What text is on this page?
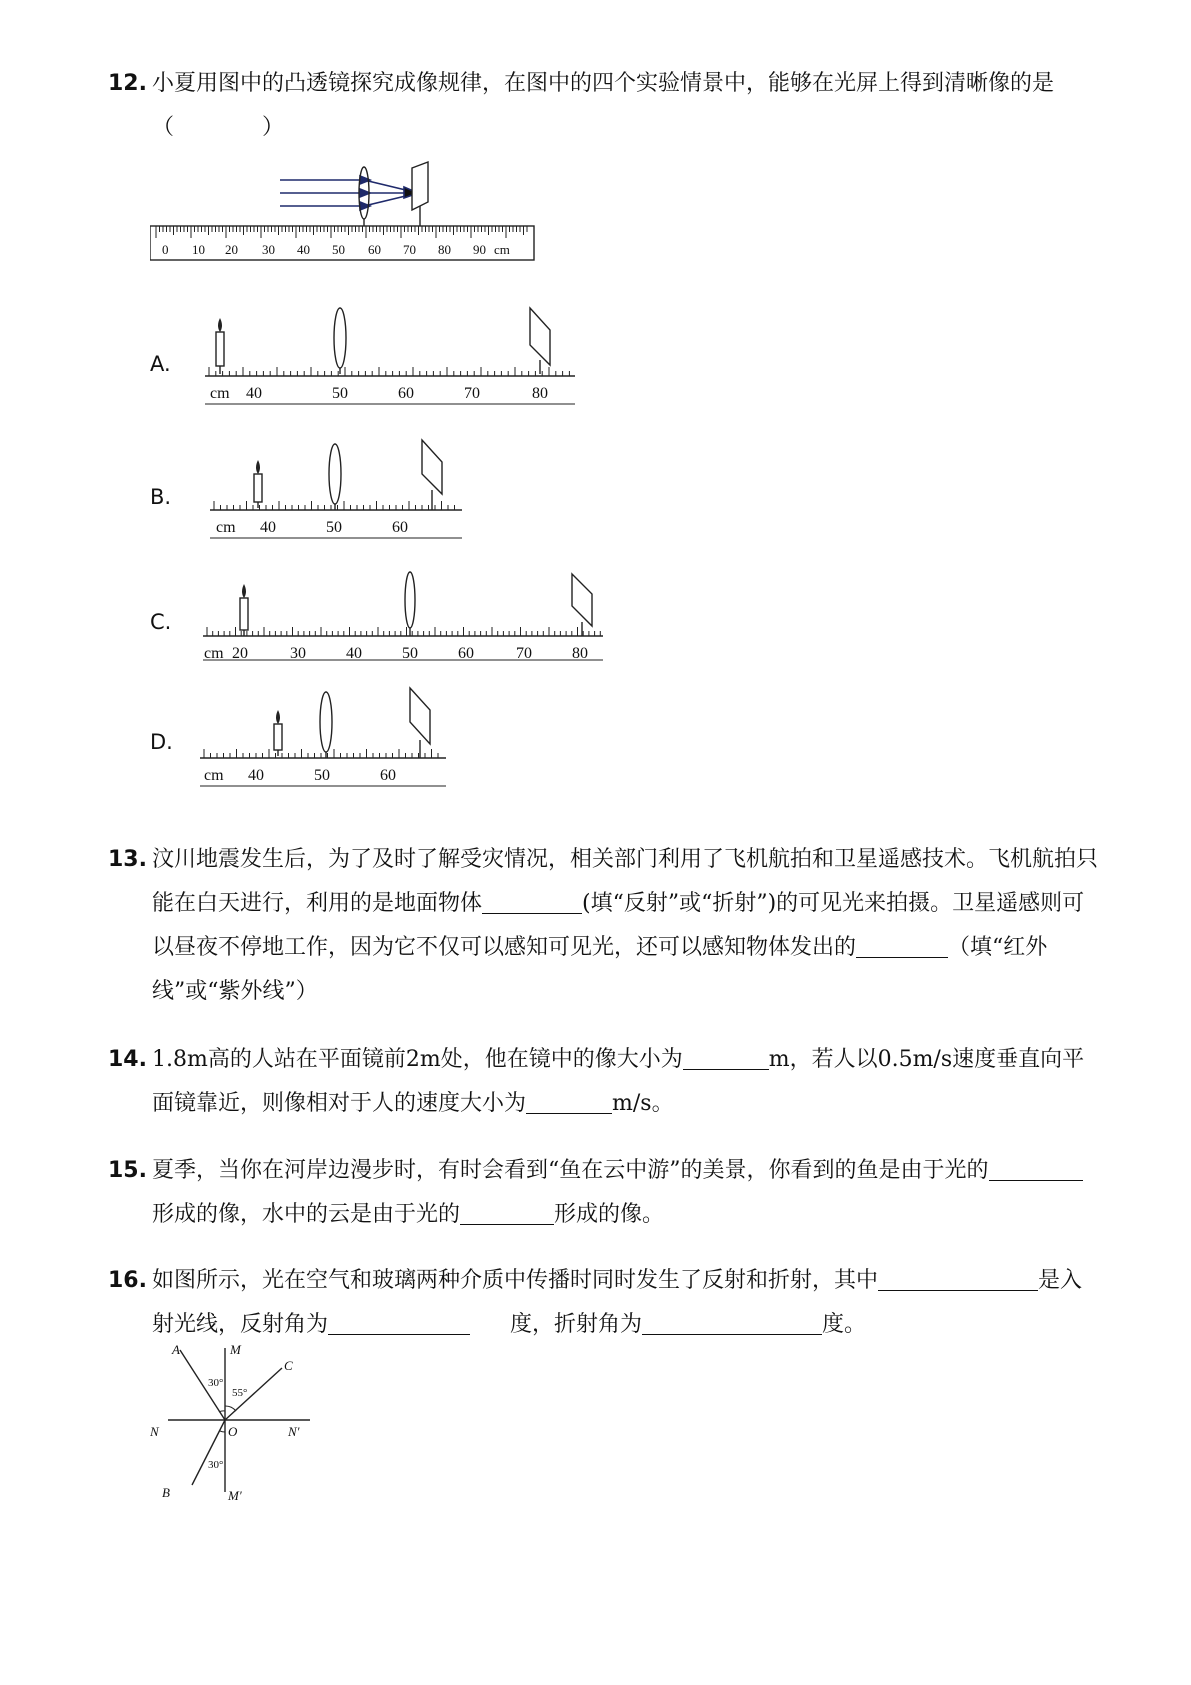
12. 小夏用图中的凸透镜探究成像规律，在图中的四个实验情景中，能够在光屏上得到清晰像的是（　　　　）
0 10 20 30 40 50 60 70 80 90 cm
A.
cm 40	50	60	70	80
B.
cm 40	50	60
C.
cm 20	30	40	50	60	70	80
D.
cm 40	50	60
13. 汶川地震发生后，为了及时了解受灾情况，相关部门利用了飞机航拍和卫星遥感技术。飞机航拍只能在白天进行，利用的是地面物体	(填“反射”或“折射”)的可见光来拍摄。卫星遥感则可以昼夜不停地工作，因为它不仅可以感知可见光，还可以感知物体发出的	（填“红外线”或“紫外线”）
14. 1.8m高的人站在平面镜前2m处，他在镜中的像大小为	m，若人以0.5m/s速度垂直向平面镜靠近，则像相对于人的速度大小为	m/s。
15. 夏季，当你在河岸边漫步时，有时会看到“鱼在云中游”的美景，你看到的鱼是由于光的形成的像，水中的云是由于光的	形成的像。
16. 如图所示，光在空气和玻璃两种介质中传播时同时发生了反射和折射，其中	是入射光线，反射角为	度，折射角为	度。
A	M
C
N	O	N′
B	M′
30°
55°
30°
